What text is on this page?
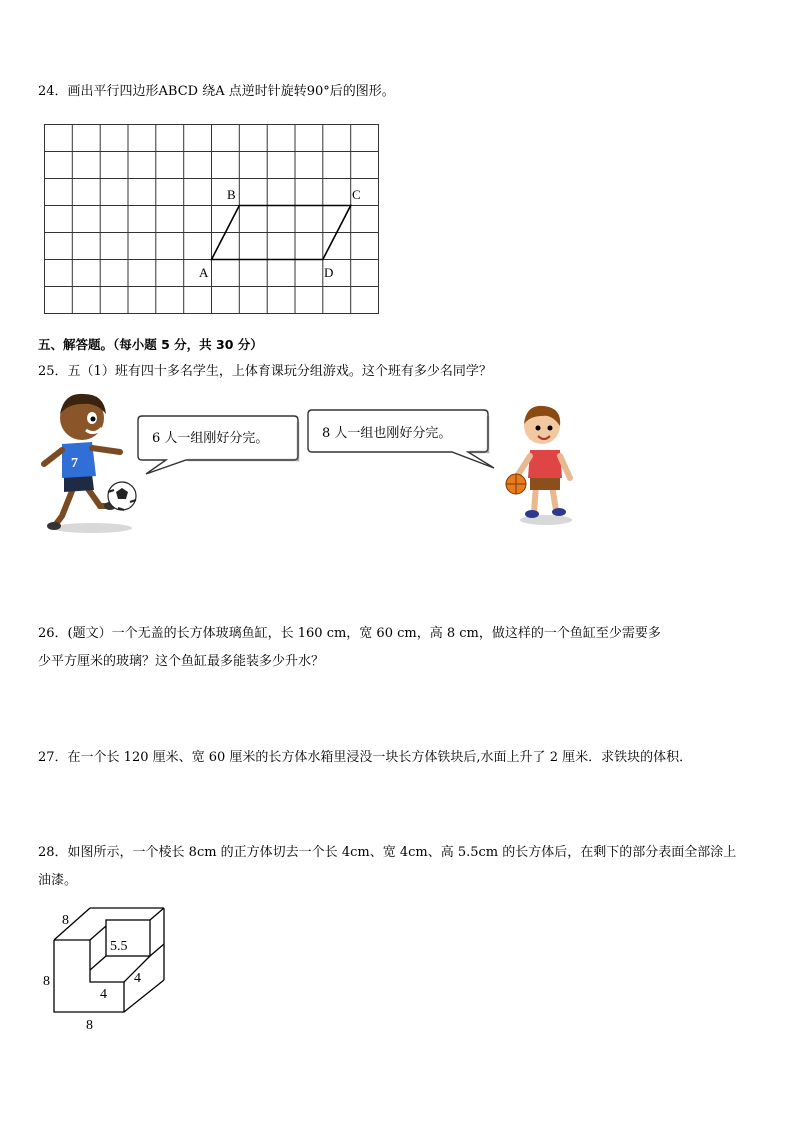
24．画出平行四边形ABCD 绕A 点逆时针旋转90°后的图形。

A
B	C
D

五、解答题。（每小题 5 分，共 30 分）

25．五（1）班有四十多名学生，上体育课玩分组游戏。这个班有多少名同学？

7
6 人一组刚好分完。	8 人一组也刚好分完。

26．(题文）一个无盖的长方体玻璃鱼缸，长 160 cm，宽 60 cm，高 8 cm，做这样的一个鱼缸至少需要多

少平方厘米的玻璃？这个鱼缸最多能装多少升水？

27．在一个长 120 厘米、宽 60 厘米的长方体水箱里浸没一块长方体铁块后,水面上升了 2 厘米．求铁块的体积．

28．如图所示，一个棱长 8cm 的正方体切去一个长 4cm、宽 4cm、高 5.5cm 的长方体后，在剩下的部分表面全部涂上

油漆。

8
5.5
8
4
4
8
